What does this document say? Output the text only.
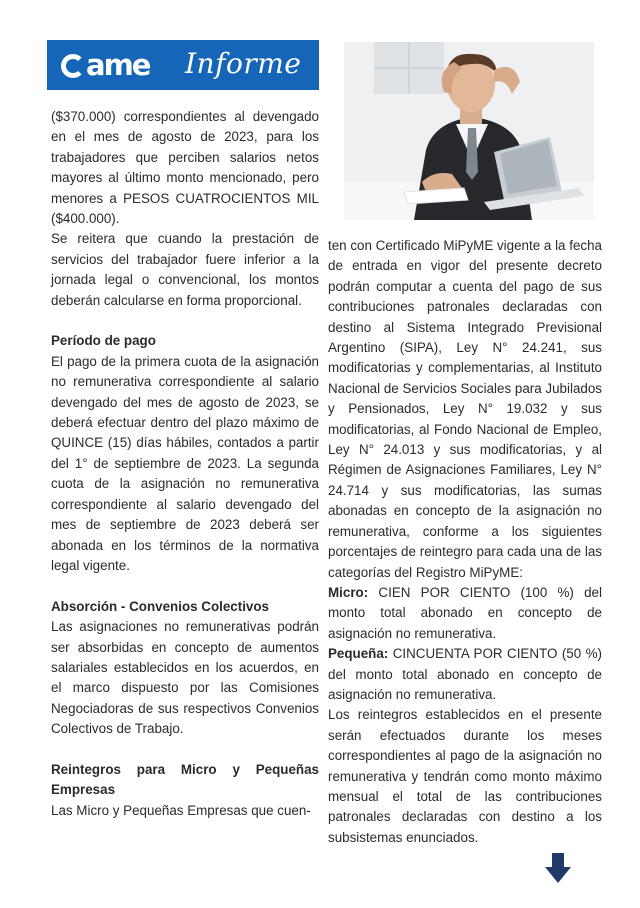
ame Informe

($370.000) correspondientes al devengado en el mes de agosto de 2023, para los trabajadores que perciben salarios netos mayores al último monto mencionado, pero menores a PESOS CUATROCIENTOS MIL ($400.000).

Se reitera que cuando la prestación de servicios del trabajador fuere inferior a la jornada legal o convencional, los montos deberán calcularse en forma proporcional.

Período de pago

El pago de la primera cuota de la asignación no remunerativa correspondiente al salario devengado del mes de agosto de 2023, se deberá efectuar dentro del plazo máximo de QUINCE (15) días hábiles, contados a partir del 1° de septiembre de 2023. La segunda cuota de la asignación no remunerativa correspondiente al salario devengado del mes de septiembre de 2023 deberá ser abonada en los términos de la normativa legal vigente.

Absorción - Convenios Colectivos

Las asignaciones no remunerativas podrán ser absorbidas en concepto de aumentos salariales establecidos en los acuerdos, en el marco dispuesto por las Comisiones Negociadoras de sus respectivos Convenios Colectivos de Trabajo.

Reintegros para Micro y Pequeñas Empresas

Las Micro y Pequeñas Empresas que cuen-

ten con Certificado MiPyME vigente a la fecha de entrada en vigor del presente decreto podrán computar a cuenta del pago de sus contribuciones patronales declaradas con destino al Sistema Integrado Previsional Argentino (SIPA), Ley N° 24.241, sus modificatorias y complementarias, al Instituto Nacional de Servicios Sociales para Jubilados y Pensionados, Ley N° 19.032 y sus modificatorias, al Fondo Nacional de Empleo, Ley N° 24.013 y sus modificatorias, y al Régimen de Asignaciones Familiares, Ley N° 24.714 y sus modificatorias, las sumas abonadas en concepto de la asignación no remunerativa, conforme a los siguientes porcentajes de reintegro para cada una de las categorías del Registro MiPyME:

Micro: CIEN POR CIENTO (100 %) del monto total abonado en concepto de asignación no remunerativa.

Pequeña: CINCUENTA POR CIENTO (50 %) del monto total abonado en concepto de asignación no remunerativa.

Los reintegros establecidos en el presente serán efectuados durante los meses correspondientes al pago de la asignación no remunerativa y tendrán como monto máximo mensual el total de las contribuciones patronales declaradas con destino a los subsistemas enunciados.
